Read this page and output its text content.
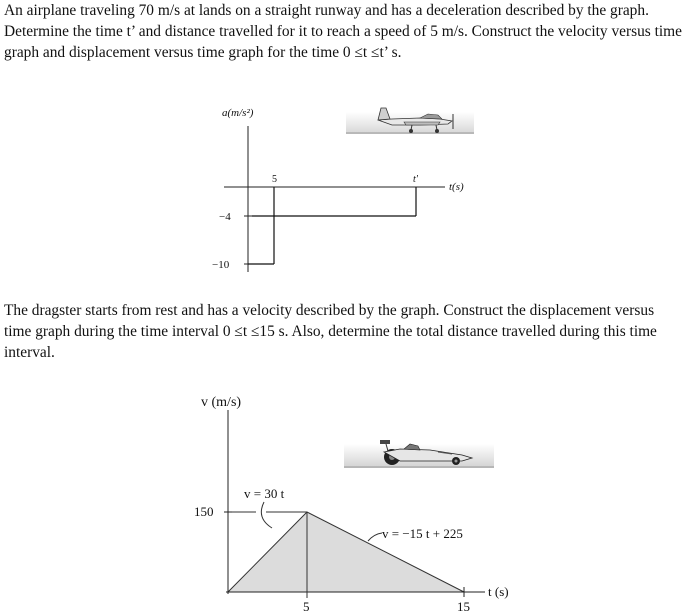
An airplane traveling 70 m/s at lands on a straight runway and has a deceleration described by the graph. Determine the time t’ and distance travelled for it to reach a speed of 5 m/s. Construct the velocity versus time graph and displacement versus time graph for the time 0 ≤t ≤t’ s.

a(m/s²)
t(s)
−4
−10
5	t′
v (m/s)
t (s)
150
5	15
v = 30 t
v = −15 t + 225

The dragster starts from rest and has a velocity described by the graph. Construct the displacement versus time graph during the time interval 0 ≤t ≤15 s. Also, determine the total distance travelled during this time interval.
